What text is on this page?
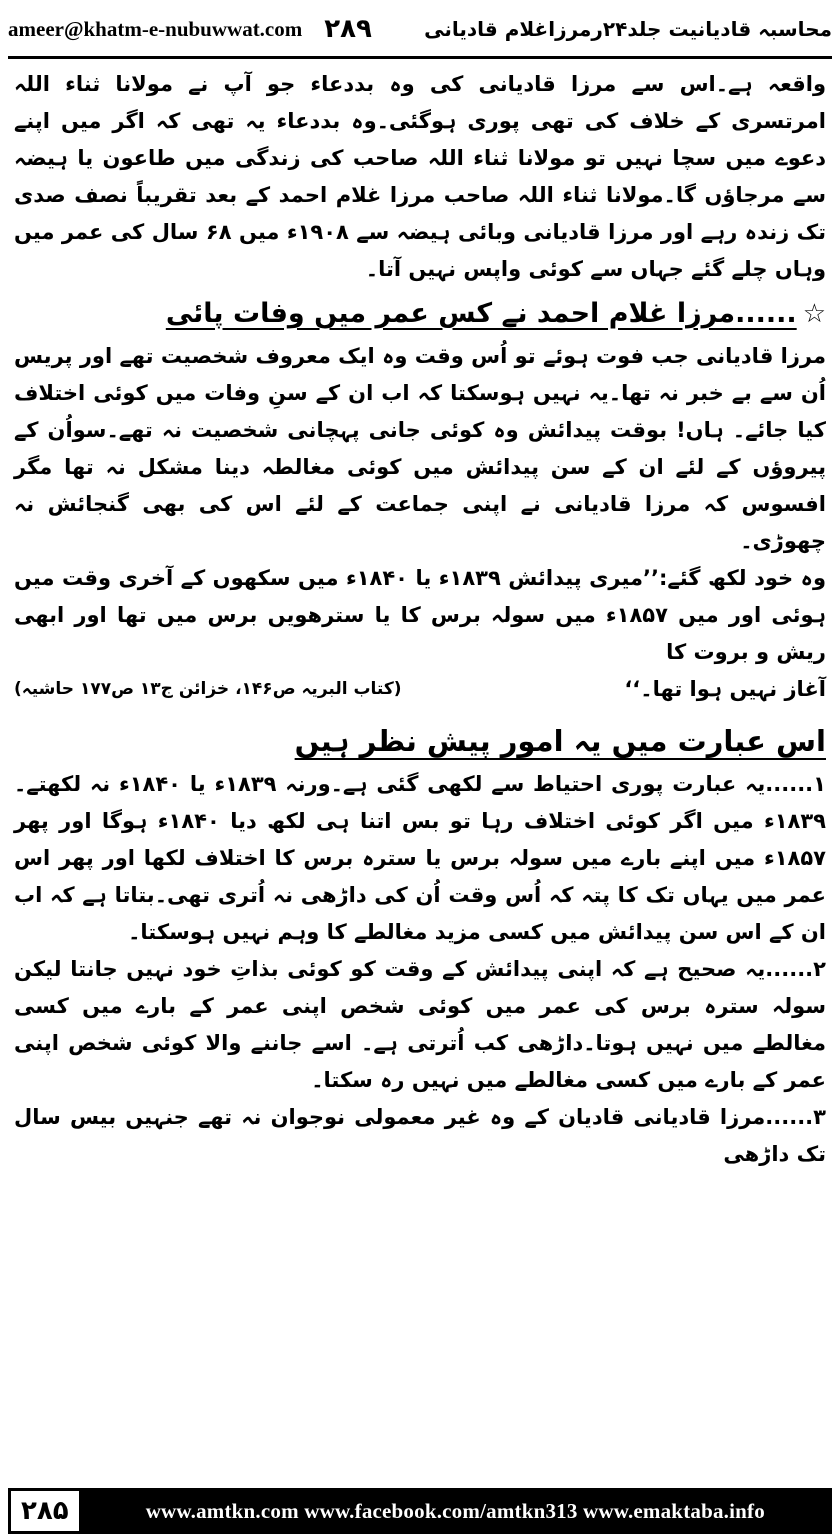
ameer@khatm-e-nubuwwat.com ۲۸۹	محاسبہ قادیانیت جلد۲۴رمرزاغلام قادیانی

واقعہ ہے۔اس سے مرزا قادیانی کی وہ بددعاء جو آپ نے مولانا ثناء اللہ امرتسری کے خلاف کی تھی پوری ہوگئی۔وہ بددعاء یہ تھی کہ اگر میں اپنے دعوے میں سچا نہیں تو مولانا ثناء اللہ صاحب کی زندگی میں طاعون یا ہیضہ سے مرجاؤں گا۔مولانا ثناء اللہ صاحب مرزا غلام احمد کے بعد تقریباً نصف صدی تک زندہ رہے اور مرزا قادیانی وبائی ہیضہ سے ۱۹۰۸ء میں ۶۸ سال کی عمر میں وہاں چلے گئے جہاں سے کوئی واپس نہیں آتا۔

☆......مرزا غلام احمد نے کس عمر میں وفات پائی

مرزا قادیانی جب فوت ہوئے تو اُس وقت وہ ایک معروف شخصیت تھے اور پریس اُن سے بے خبر نہ تھا۔یہ نہیں ہوسکتا کہ اب ان کے سنِ وفات میں کوئی اختلاف کیا جائے۔ ہاں! بوقت پیدائش وہ کوئی جانی پہچانی شخصیت نہ تھے۔سواُن کے پیروؤں کے لئے ان کے سن پیدائش میں کوئی مغالطہ دینا مشکل نہ تھا مگر افسوس کہ مرزا قادیانی نے اپنی جماعت کے لئے اس کی بھی گنجائش نہ چھوڑی۔

وہ خود لکھ گئے:’’میری پیدائش ۱۸۳۹ء یا ۱۸۴۰ء میں سکھوں کے آخری وقت میں ہوئی اور میں ۱۸۵۷ء میں سولہ برس کا یا سترھویں برس میں تھا اور ابھی ریش و بروت کا

آغاز نہیں ہوا تھا۔‘‘
(کتاب البریہ ص۱۴۶، خزائن ج۱۳ ص۱۷۷ حاشیہ)
اس عبارت میں یہ امور پیش نظر ہیں

۱......یہ عبارت پوری احتیاط سے لکھی گئی ہے۔ورنہ ۱۸۳۹ء یا ۱۸۴۰ء نہ لکھتے۔۱۸۳۹ء میں اگر کوئی اختلاف رہا تو بس اتنا ہی لکھ دیا ۱۸۴۰ء ہوگا اور پھر ۱۸۵۷ء میں اپنے بارے میں سولہ برس یا سترہ برس کا اختلاف لکھا اور پھر اس عمر میں یہاں تک کا پتہ کہ اُس وقت اُن کی داڑھی نہ اُتری تھی۔بتاتا ہے کہ اب ان کے اس سن پیدائش میں کسی مزید مغالطے کا وہم نہیں ہوسکتا۔

۲......یہ صحیح ہے کہ اپنی پیدائش کے وقت کو کوئی بذاتِ خود نہیں جانتا لیکن سولہ سترہ برس کی عمر میں کوئی شخص اپنی عمر کے بارے میں کسی مغالطے میں نہیں ہوتا۔داڑھی کب اُترتی ہے۔ اسے جاننے والا کوئی شخص اپنی عمر کے بارے میں کسی مغالطے میں نہیں رہ سکتا۔

۳......مرزا قادیانی قادیان کے وہ غیر معمولی نوجوان نہ تھے جنہیں بیس سال تک داڑھی

۲۸۵	www.amtkn.com www.facebook.com/amtkn313 www.emaktaba.info
